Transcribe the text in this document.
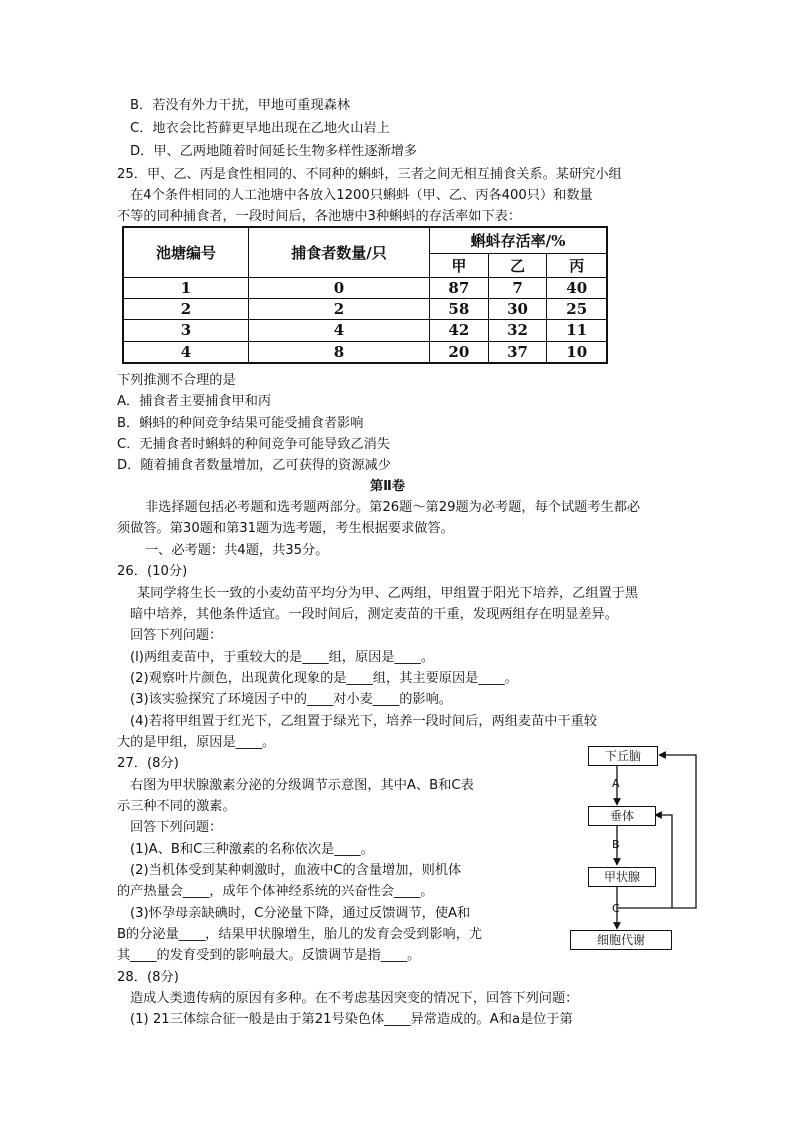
B．若没有外力干扰，甲地可重现森林
C．地衣会比苔藓更早地出现在乙地火山岩上
D．甲、乙两地随着时间延长生物多样性逐渐增多
25．甲、乙、丙是食性相同的、不同种的蝌蚪，三者之间无相互捕食关系。某研究小组
在4个条件相同的人工池塘中各放入1200只蝌蚪（甲、乙、丙各400只）和数量
不等的同种捕食者，一段时间后，各池塘中3种蝌蚪的存活率如下表：
池塘编号	捕食者数量/只	蝌蚪存活率/%		
		甲	乙	丙
1	0	87	7	40
2	2	58	30	25
3	4	42	32	11
4	8	20	37	10
下列推测不合理的是
A．捕食者主要捕食甲和丙
B．蝌蚪的种间竞争结果可能受捕食者影响
C．无捕食者时蝌蚪的种间竞争可能导致乙消失
D．随着捕食者数量增加，乙可获得的资源减少
第Ⅱ卷
非选择题包括必考题和选考题两部分。第26题～第29题为必考题，每个试题考生都必
须做答。第30题和第31题为选考题，考生根据要求做答。
一、必考题：共4题，共35分。
26．(10分)
某同学将生长一致的小麦幼苗平均分为甲、乙两组，甲组置于阳光下培养，乙组置于黑
暗中培养，其他条件适宜。一段时间后，测定麦苗的干重，发现两组存在明显差异。
回答下列问题：
(l)两组麦苗中，于重较大的是____组，原因是____。
(2)观察叶片颜色，出现黄化现象的是____组，其主要原因是____。
(3)该实验探究了环境因子中的____对小麦____的影响。
(4)若将甲组置于红光下，乙组置于绿光下，培养一段时间后，两组麦苗中干重较
大的是甲组，原因是____。
27．(8分)
右图为甲状腺激素分泌的分级调节示意图，其中A、B和C表
示三种不同的激素。
回答下列问题：
(1)A、B和C三种激素的名称依次是____。
(2)当机体受到某种刺激时，血液中C的含量增加，则机体
的产热量会____，成年个体神经系统的兴奋性会____。
(3)怀孕母亲缺碘时，C分泌量下降，通过反馈调节，使A和
B的分泌量____，结果甲状腺增生，胎儿的发育会受到影响，尤
其____的发育受到的影响最大。反馈调节是指____。
下丘脑
A
垂体
B
甲状腺
C
细胞代谢
28．(8分)
造成人类遗传病的原因有多种。在不考虑基因突变的情况下，回答下列问题：
(1) 21三体综合征一般是由于第21号染色体____异常造成的。A和a是位于第
